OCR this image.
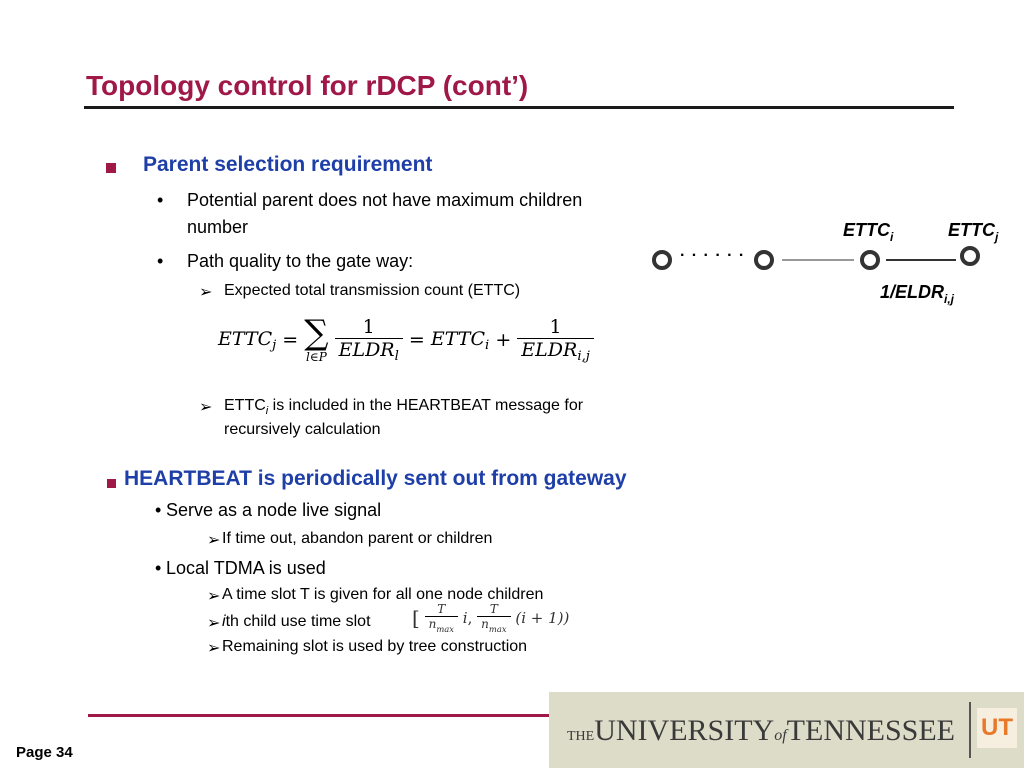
Topology control for rDCP (cont’)
Parent selection requirement
• Potential parent does not have maximum children
number
• Path quality to the gate way:
➢ Expected total transmission count (ETTC)
$ETTC_j$ = ∑
l∈P
$\frac{1}{ELDR_l}$ = $ETTC_i + \frac{1}{ELDR_{i,j}}$
➢ $ETTC_i$ is included in the HEARTBEAT message for
recursively calculation
· · · · · ·
$ETTC_i$	$ETTC_j$
$1/ELDR_{i,j}$
HEARTBEAT is periodically sent out from gateway
• Serve as a node live signal
➢ If time out, abandon parent or children
• Local TDMA is used
➢ A time slot T is given for all one node children
➢ ith child use time slot [ $\frac{T}{n_{max}} i$, $\frac{T}{n_{max}} (i + 1)$)
➢ Remaining slot is used by tree construction
Page 34
THEUNIVERSITYofTENNESSEE UT
